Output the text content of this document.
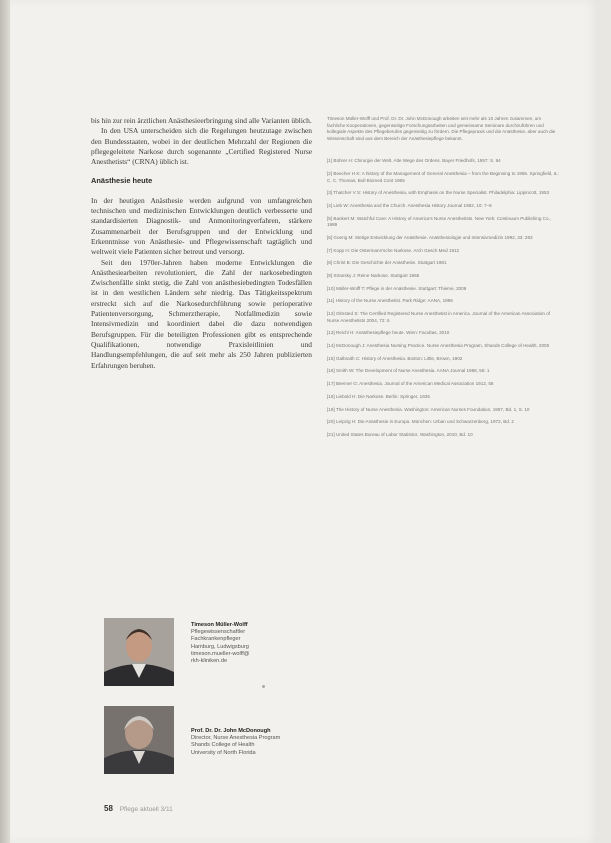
bis hin zur rein ärztlichen Anästhesieerbringung sind alle Varianten üblich.

In den USA unterscheiden sich die Regelungen heutzutage zwischen den Bundesstaaten, wobei in der deutlichen Mehrzahl der Regionen die pflegegeleitete Narkose durch sogenannte „Certified Registered Nurse Anesthetists“ (CRNA) üblich ist.

Anästhesie heute

In der heutigen Anästhesie werden aufgrund von umfangreichen technischen und medizinischen Entwicklungen deutlich verbesserte und standardisierten Diagnostik- und Anmonitoringverfahren, stärkere Zusammenarbeit der Berufsgruppen und der Entwicklung und Erkenntnisse von Anästhesie- und Pflegewissenschaft tagtäglich und weltweit viele Patienten sicher betreut und versorgt.

Seit den 1970er-Jahren haben moderne Entwicklungen die Anästhesiearbeiten revolutioniert, die Zahl der narkosebedingten Zwischenfälle sinkt stetig, die Zahl von anästhesiebedingten Todesfällen ist in den westlichen Ländern sehr niedrig. Das Tätigkeitsspektrum erstreckt sich auf die Narkosedurchführung sowie perioperative Patientenversorgung, Schmerztherapie, Notfallmedizin sowie Intensivmedizin und koordiniert dabei die dazu notwendigen Berufsgruppen. Für die beteiligten Professionen gibt es entsprechende Qualifikationen, notwendige Praxisleitlinien und Handlungsempfehlungen, die auf seit mehr als 250 Jahren publizierten Erfahrungen beruhen.

Timeson Müller-Wolff und Prof. Dr. Dr. John McDonough arbeiten seit mehr als 10 Jahren zusammen, um fachliche Kooperationen, gegenseitige Forschungsarbeiten und gemeinsame Seminare durchzuführen und kollegiale Aspekte des Pflegeberufes gegenseitig zu fördern. Die Pflegepraxis und die Anästhesie, aber auch die Wissenschaft sind aus dem Bereich der Anästhesiepflege bekannt.

[1] Bührer H: Chirurgie der Welt. Alte Wege des Ordens. Bayer Friedhofs, 1957: S. 94

[2] Beecher H K: A history of the Management of General Anesthesia – from the Beginning to 1965. Springfield, IL: C. C. Thomas, Bull Biomed Cont 1965

[3] Thatcher V S: History of Anesthesia, with Emphasis on the Nurse Specialist. Philadelphia: Lippincott, 1953

[4] Lieb W: Anesthesia and the Church. Anesthesia History Journal 1982, 10: 7–8

[5] Bankert M: Watchful Care: A History of America's Nurse Anesthetists. New York: Continuum Publishing Co., 1989

[6] Goerig M: Stetige Entwicklung der Anästhesie. Anästhesiologie und Intensivmedizin 1992, 33: 283

[7] Kopp H: Die Ostermann'sche Narkose. Arch Gesch Med 1912

[8] Christ B: Die Geschichte der Anästhesie. Stuttgart 1981

[9] Stransky J: Reine Narkose. Stuttgart 1965

[10] Müller-Wolff T: Pflege in der Anästhesie. Stuttgart: Thieme, 2009

[11] History of the Nurse Anesthetist. Park Ridge: AANA, 1996

[12] Olmsted S: The Certified Registered Nurse Anesthetist in America. Journal of the American Association of Nurse Anesthetists 2004, 72: 6

[13] Reichl H: Anästhesiepflege heute. Wien: Facultas, 2010

[14] McDonough J: Anesthesia Nursing Practice. Nurse Anesthesia Program, Shands College of Health, 2005

[15] Galbraith C: History of Anesthesia. Boston: Little, Brown, 1902

[16] Smith W: The Development of Nurse Anesthesia. AANA Journal 1988, 56: 1

[17] Beemer G: Anesthesia. Journal of the American Medical Association 1912, 58

[18] Liebold H: Die Narkose. Berlin: Springer, 1935

[19] The History of Nurse Anesthesia. Washington: American Nurses Foundation, 1997, Bd. 1, S. 10

[20] Leipzig H: Die Anästhesie in Europa. München: Urban und Schwarzenberg, 1972, Bd. 2

[21] United States Bureau of Labor Statistics. Washington, 2010, Bd. 10

Timeson Müller-Wolff
Pflegewissenschaftler
Fachkrankenpfleger
Hamburg, Ludwigsburg
timeson.mueller-wolff@
rkh-kliniken.de
Prof. Dr. Dr. John McDonough
Director, Nurse Anesthesia Program
Shands College of Health
University of North Florida
58 Pflege aktuell 3/11
